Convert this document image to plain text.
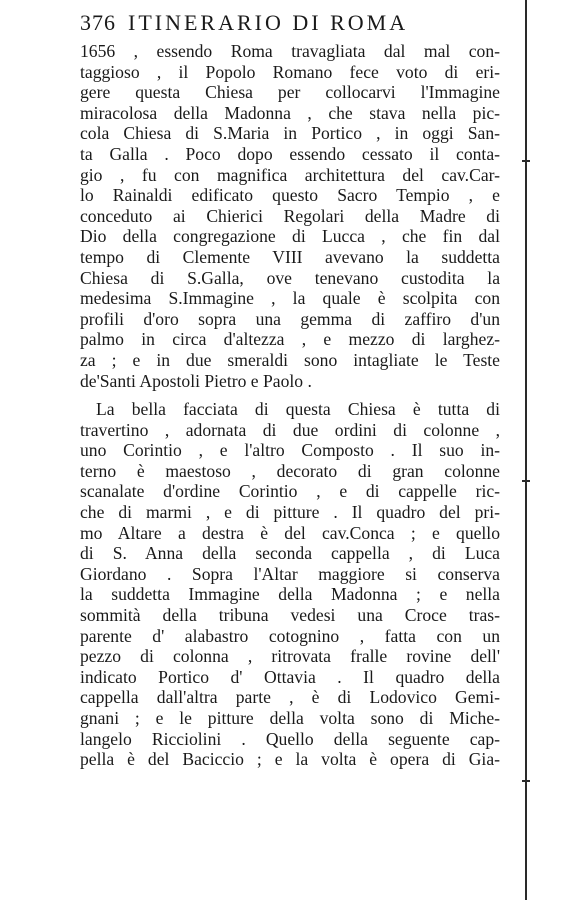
376 ITINERARIO DI ROMA
1656 , essendo Roma travagliata dal mal con-
taggioso , il Popolo Romano fece voto di eri-
gere questa Chiesa per collocarvi l'Immagine
miracolosa della Madonna , che stava nella pic-
cola Chiesa di S.Maria in Portico , in oggi San-
ta Galla . Poco dopo essendo cessato il conta-
gio , fu con magnifica architettura del cav.Car-
lo Rainaldi edificato questo Sacro Tempio , e
conceduto ai Chierici Regolari della Madre di
Dio della congregazione di Lucca , che fin dal
tempo di Clemente VIII avevano la suddetta
Chiesa di S.Galla, ove tenevano custodita la
medesima S.Immagine , la quale è scolpita con
profili d'oro sopra una gemma di zaffiro d'un
palmo in circa d'altezza , e mezzo di larghez-
za ; e in due smeraldi sono intagliate le Teste
de'Santi Apostoli Pietro e Paolo .
La bella facciata di questa Chiesa è tutta di
travertino , adornata di due ordini di colonne ,
uno Corintio , e l'altro Composto . Il suo in-
terno è maestoso , decorato di gran colonne
scanalate d'ordine Corintio , e di cappelle ric-
che di marmi , e di pitture . Il quadro del pri-
mo Altare a destra è del cav.Conca ; e quello
di S. Anna della seconda cappella , di Luca
Giordano . Sopra l'Altar maggiore si conserva
la suddetta Immagine della Madonna ; e nella
sommità della tribuna vedesi una Croce tras-
parente d' alabastro cotognino , fatta con un
pezzo di colonna , ritrovata fralle rovine dell'
indicato Portico d' Ottavia . Il quadro della
cappella dall'altra parte , è di Lodovico Gemi-
gnani ; e le pitture della volta sono di Miche-
langelo Ricciolini . Quello della seguente cap-
pella è del Baciccio ; e la volta è opera di Gia-
